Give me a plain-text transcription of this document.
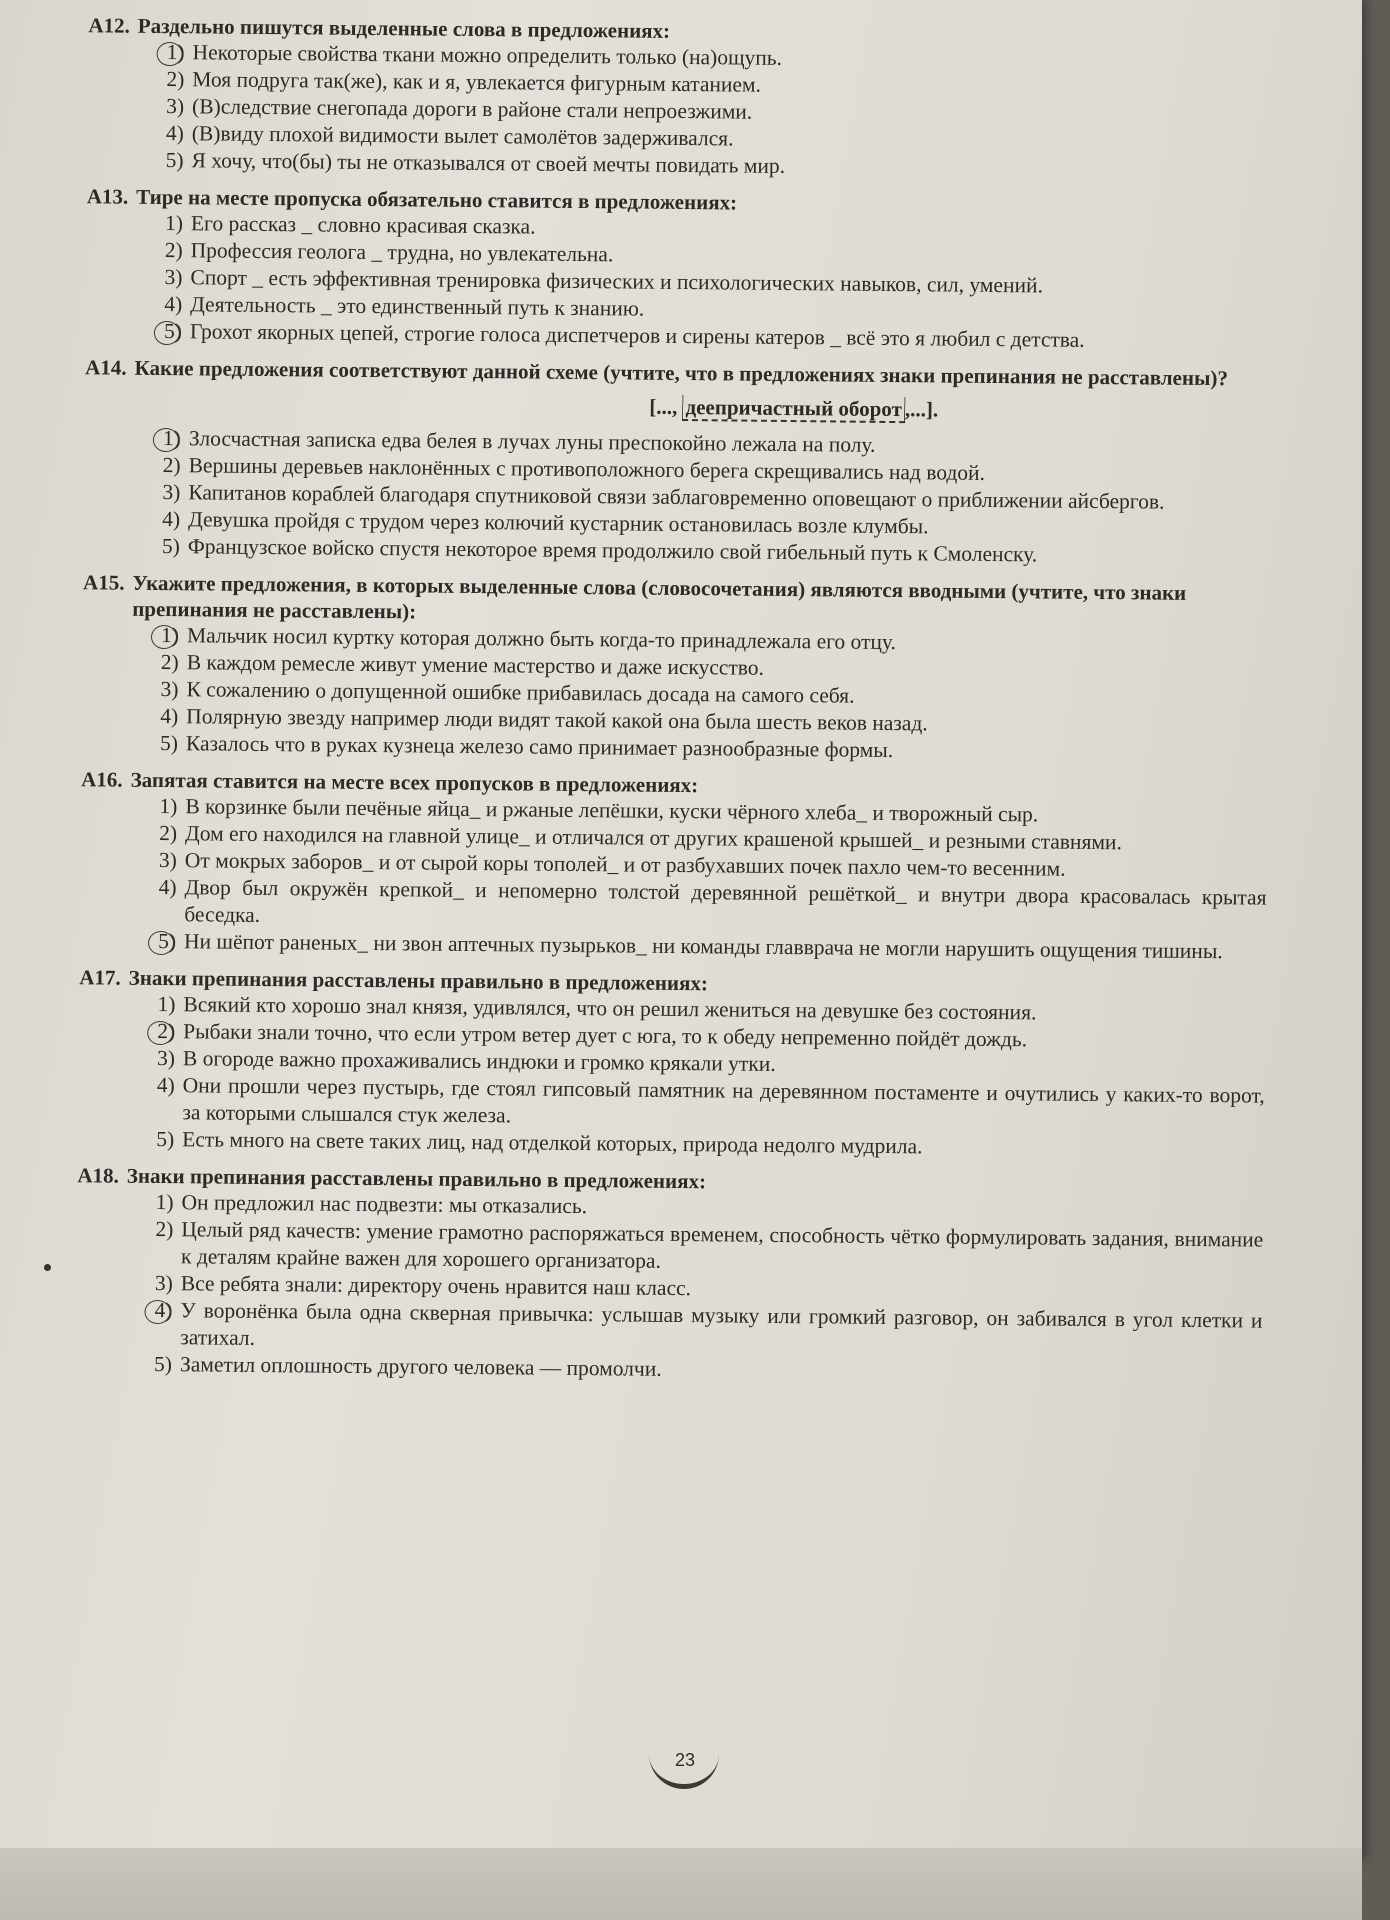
A12. Раздельно пишутся выделенные слова в предложениях:
1) Некоторые свойства ткани можно определить только (на)ощупь.
2) Моя подруга так(же), как и я, увлекается фигурным катанием.
3) (В)следствие снегопада дороги в районе стали непроезжими.
4) (В)виду плохой видимости вылет самолётов задерживался.
5) Я хочу, что(бы) ты не отказывался от своей мечты повидать мир.
A13. Тире на месте пропуска обязательно ставится в предложениях:
1) Его рассказ _ словно красивая сказка.
2) Профессия геолога _ трудна, но увлекательна.
3) Спорт _ есть эффективная тренировка физических и психологических навыков, сил, умений.
4) Деятельность _ это единственный путь к знанию.
5) Грохот якорных цепей, строгие голоса диспетчеров и сирены катеров _ всё это я любил с детства.
A14. Какие предложения соответствуют данной схеме (учтите, что в предложениях знаки препинания не расставлены)?
[..., деепричастный оборот ,...].
1) Злосчастная записка едва белея в лучах луны преспокойно лежала на полу.
2) Вершины деревьев наклонённых с противоположного берега скрещивались над водой.
3) Капитанов кораблей благодаря спутниковой связи заблаговременно оповещают о приближении айсбергов.
4) Девушка пройдя с трудом через колючий кустарник остановилась возле клумбы.
5) Французское войско спустя некоторое время продолжило свой гибельный путь к Смоленску.
A15. Укажите предложения, в которых выделенные слова (словосочетания) являются вводными (учтите, что знаки препинания не расставлены):
1) Мальчик носил куртку которая должно быть когда-то принадлежала его отцу.
2) В каждом ремесле живут умение мастерство и даже искусство.
3) К сожалению о допущенной ошибке прибавилась досада на самого себя.
4) Полярную звезду например люди видят такой какой она была шесть веков назад.
5) Казалось что в руках кузнеца железо само принимает разнообразные формы.
A16. Запятая ставится на месте всех пропусков в предложениях:
1) В корзинке были печёные яйца_ и ржаные лепёшки, куски чёрного хлеба_ и творожный сыр.
2) Дом его находился на главной улице_ и отличался от других крашеной крышей_ и резными ставнями.
3) От мокрых заборов_ и от сырой коры тополей_ и от разбухавших почек пахло чем-то весенним.
4) Двор был окружён крепкой_ и непомерно толстой деревянной решёткой_ и внутри двора красовалась крытая беседка.
5) Ни шёпот раненых_ ни звон аптечных пузырьков_ ни команды главврача не могли нарушить ощущения тишины.
A17. Знаки препинания расставлены правильно в предложениях:
1) Всякий кто хорошо знал князя, удивлялся, что он решил жениться на девушке без состояния.
2) Рыбаки знали точно, что если утром ветер дует с юга, то к обеду непременно пойдёт дождь.
3) В огороде важно прохаживались индюки и громко крякали утки.
4) Они прошли через пустырь, где стоял гипсовый памятник на деревянном постаменте и очутились у каких-то ворот, за которыми слышался стук железа.
5) Есть много на свете таких лиц, над отделкой которых, природа недолго мудрила.
A18. Знаки препинания расставлены правильно в предложениях:
1) Он предложил нас подвезти: мы отказались.
2) Целый ряд качеств: умение грамотно распоряжаться временем, способность чётко формулировать задания, внимание к деталям крайне важен для хорошего организатора.
3) Все ребята знали: директору очень нравится наш класс.
4) У воронёнка была одна скверная привычка: услышав музыку или громкий разговор, он забивался в угол клетки и затихал.
5) Заметил оплошность другого человека — промолчи.
23
